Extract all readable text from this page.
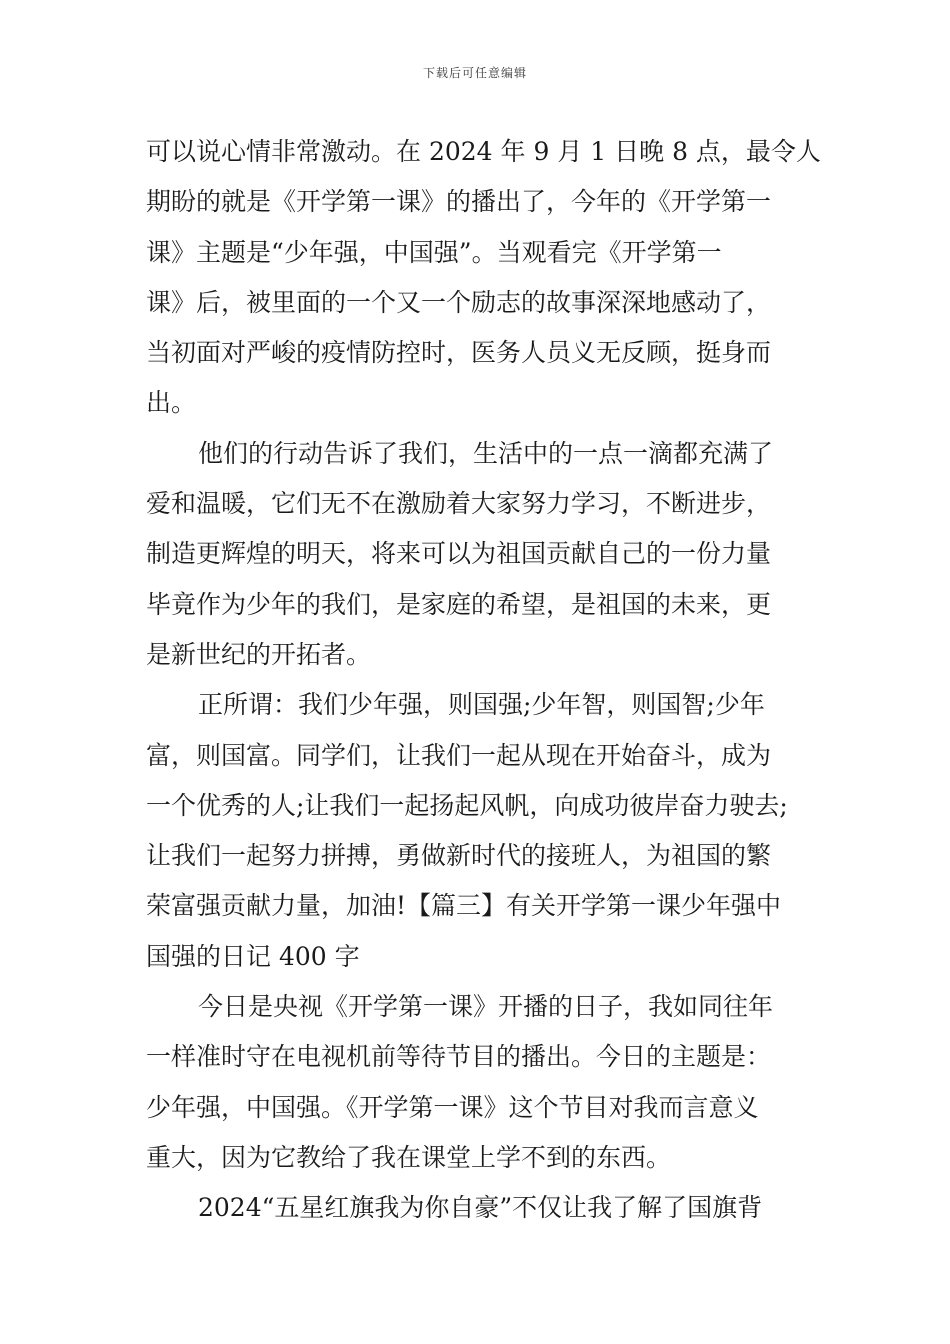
下载后可任意编辑
可以说心情非常激动。在 2024 年 9 月 1 日晚 8 点，最令人
期盼的就是《开学第一课》的播出了，今年的《开学第一
课》主题是“少年强，中国强”。当观看完《开学第一
课》后，被里面的一个又一个励志的故事深深地感动了，
当初面对严峻的疫情防控时，医务人员义无反顾，挺身而
出。
他们的行动告诉了我们，生活中的一点一滴都充满了
爱和温暖，它们无不在激励着大家努力学习，不断进步，
制造更辉煌的明天，将来可以为祖国贡献自己的一份力量
毕竟作为少年的我们，是家庭的希望，是祖国的未来，更
是新世纪的开拓者。
正所谓：我们少年强，则国强;少年智，则国智;少年
富，则国富。同学们，让我们一起从现在开始奋斗，成为
一个优秀的人;让我们一起扬起风帆，向成功彼岸奋力驶去;
让我们一起努力拼搏，勇做新时代的接班人，为祖国的繁
荣富强贡献力量，加油!【篇三】有关开学第一课少年强中
国强的日记 400 字
今日是央视《开学第一课》开播的日子，我如同往年
一样准时守在电视机前等待节目的播出。今日的主题是：
少年强，中国强。《开学第一课》这个节目对我而言意义
重大，因为它教给了我在课堂上学不到的东西。
2024“五星红旗我为你自豪”不仅让我了解了国旗背
